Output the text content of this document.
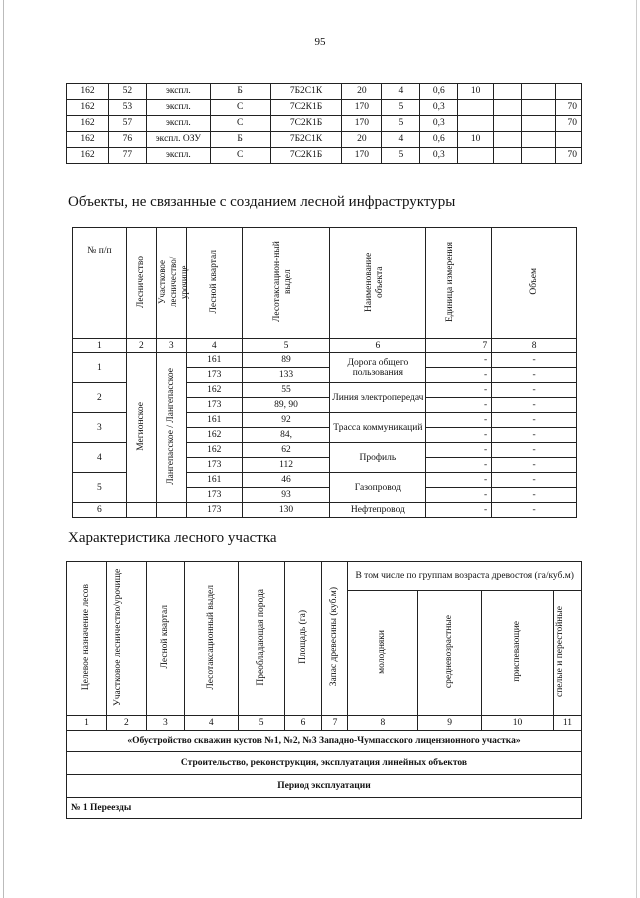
95
162	52	экспл.	Б	7Б2С1К	20	4	0,6	10			
162	53	экспл.	С	7С2К1Б	170	5	0,3				70
162	57	экспл.	С	7С2К1Б	170	5	0,3				70
162	76	экспл. ОЗУ	Б	7Б2С1К	20	4	0,6	10			
162	77	экспл.	С	7С2К1Б	170	5	0,3				70
Объекты, не связанные с созданием лесной инфраструктуры
№ п/п	Лесничество	Участковое лесничество/ урочище	Лесной квартал	Лесотаксацион-ный выдел	Наименование объекта	Единица измерения	Объем
1	2	3	4	5	6	7	8
1	Мегионское	Лангепасское / Лангепасское	161	89	Дорога общего пользования	-	-
			173	133		-	-
2			162	55	Линия электропередач	-	-
			173	89, 90		-	-
3			161	92	Трасса коммуникаций	-	-
			162	84,		-	-
4			162	62	Профиль	-	-
			173	112		-	-
5			161	46	Газопровод	-	-
			173	93		-	-
6			173	130	Нефтепровод	-	-
Характеристика лесного участка
Целевое назначение лесов	Участковое лесничество/урочище	Лесной квартал	Лесотаксационный выдел	Преобладающая порода	Площадь (га)	Запас древесины (куб.м)	В том числе по группам возраста древостоя (га/куб.м)			
							молодняки	средневозрастные	приспевающие	спелые и перестойные
1	2	3	4	5	6	7	8	9	10	11
«Обустройство скважин кустов №1, №2, №3 Западно-Чумпасского лицензионного участка»										
Строительство, реконструкция, эксплуатация линейных объектов										
Период эксплуатации										
№ 1 Переезды										
